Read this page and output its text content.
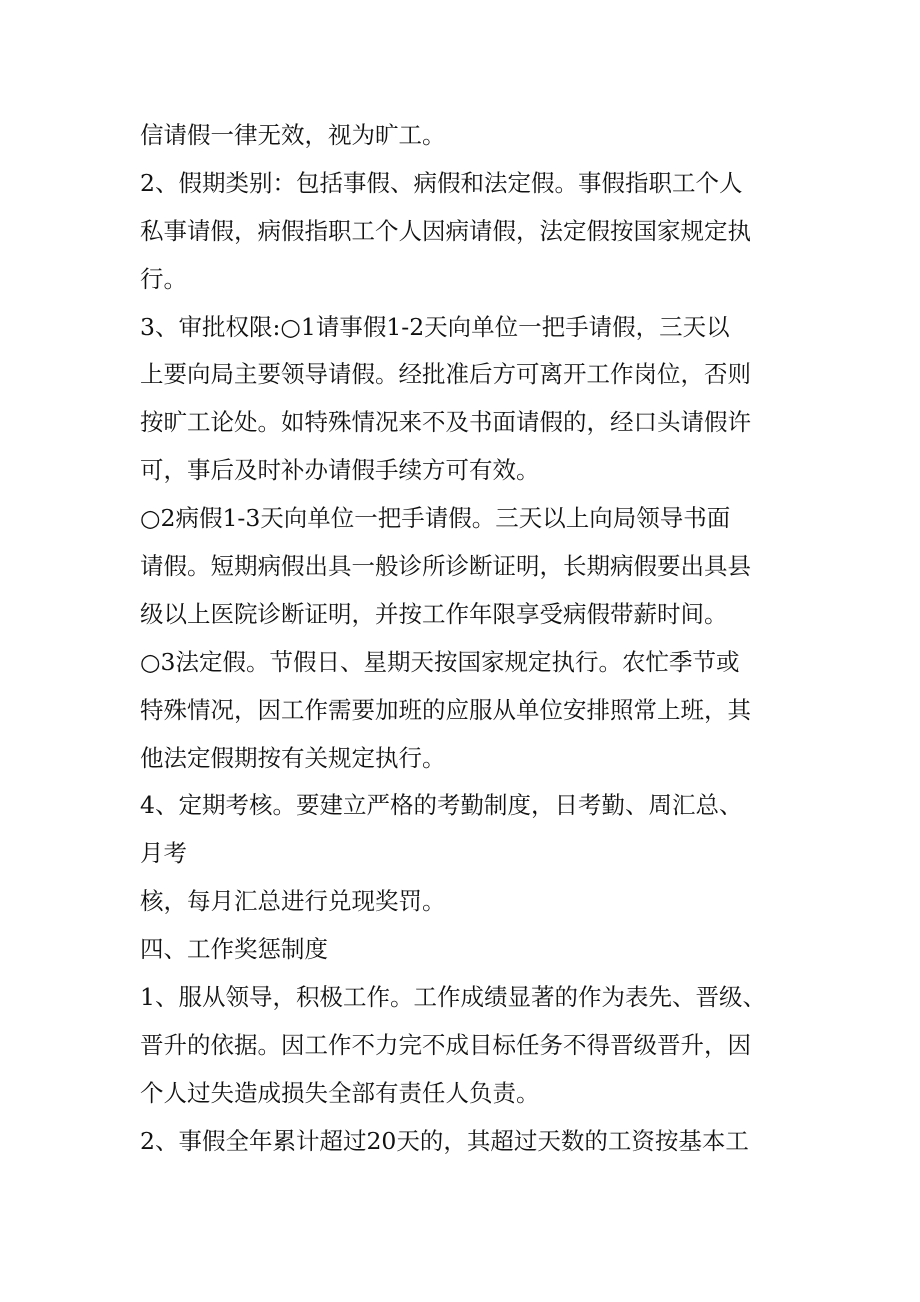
信请假一律无效，视为旷工。
2、假期类别：包括事假、病假和法定假。事假指职工个人
私事请假，病假指职工个人因病请假，法定假按国家规定执
行。
3、审批权限:○1请事假1-2天向单位一把手请假，三天以
上要向局主要领导请假。经批准后方可离开工作岗位，否则
按旷工论处。如特殊情况来不及书面请假的，经口头请假许
可，事后及时补办请假手续方可有效。
○2病假1-3天向单位一把手请假。三天以上向局领导书面
请假。短期病假出具一般诊所诊断证明，长期病假要出具县
级以上医院诊断证明，并按工作年限享受病假带薪时间。
○3法定假。节假日、星期天按国家规定执行。农忙季节或
特殊情况，因工作需要加班的应服从单位安排照常上班，其
他法定假期按有关规定执行。
4、定期考核。要建立严格的考勤制度，日考勤、周汇总、
月考
核，每月汇总进行兑现奖罚。
四、工作奖惩制度
1、服从领导，积极工作。工作成绩显著的作为表先、晋级、
晋升的依据。因工作不力完不成目标任务不得晋级晋升，因
个人过失造成损失全部有责任人负责。
2、事假全年累计超过20天的，其超过天数的工资按基本工
